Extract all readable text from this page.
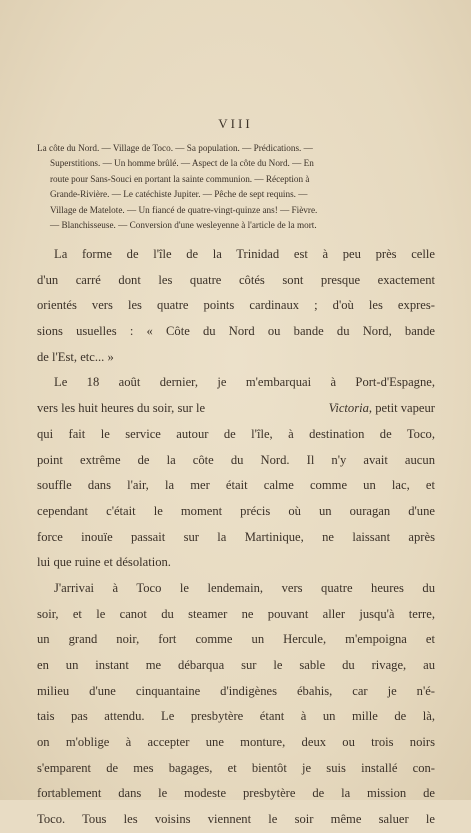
VIII
La côte du Nord. — Village de Toco. — Sa population. — Prédications. —
Superstitions. — Un homme brûlé. — Aspect de la côte du Nord. — En
route pour Sans-Souci en portant la sainte communion. — Réception à
Grande-Rivière. — Le catéchiste Jupiter. — Pêche de sept requins. —
Village de Matelote. — Un fiancé de quatre-vingt-quinze ans! — Fièvre.
— Blanchisseuse. — Conversion d'une wesleyenne à l'article de la mort.
La forme de l'île de la Trinidad est à peu près celle
d'un carré dont les quatre côtés sont presque exactement
orientés vers les quatre points cardinaux ; d'où les expres-
sions usuelles : « Côte du Nord ou bande du Nord, bande
de l'Est, etc... »
Le 18 août dernier, je m'embarquai à Port-d'Espagne,
vers les huit heures du soir, sur le	Victoria, petit vapeur
qui fait le service autour de l'île, à destination de Toco,
point extrême de la côte du Nord. Il n'y avait aucun
souffle dans l'air, la mer était calme comme un lac, et
cependant c'était le moment précis où un ouragan d'une
force inouïe passait sur la Martinique, ne laissant après
lui que ruine et désolation.
J'arrivai à Toco le lendemain, vers quatre heures du
soir, et le canot du steamer ne pouvant aller jusqu'à terre,
un grand noir, fort comme un Hercule, m'empoigna et
en un instant me débarqua sur le sable du rivage, au
milieu d'une cinquantaine d'indigènes ébahis, car je n'é-
tais pas attendu. Le presbytère étant à un mille de là,
on m'oblige à accepter une monture, deux ou trois noirs
s'emparent de mes bagages, et bientôt je suis installé con-
fortablement dans le modeste presbytère de la mission de
Toco. Tous les voisins viennent le soir même saluer le
